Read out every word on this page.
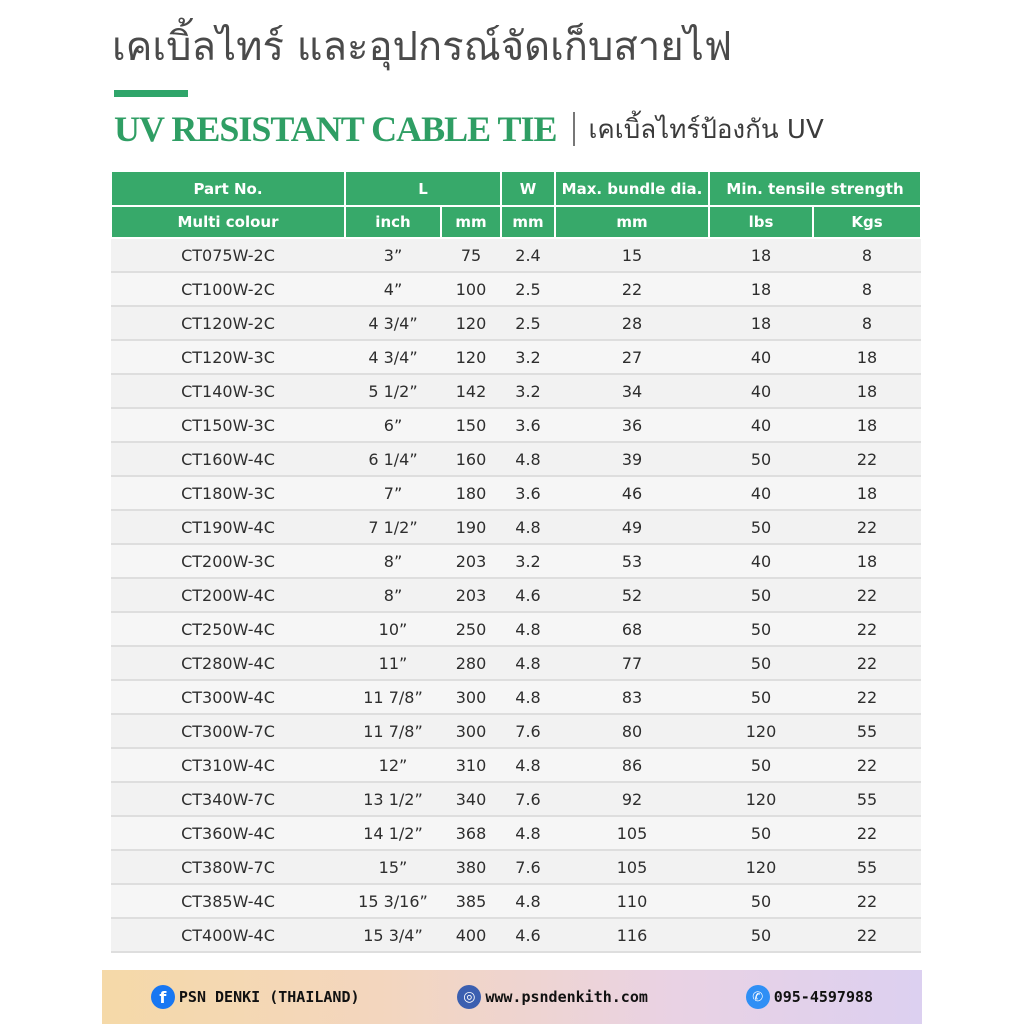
เคเบิ้ลไทร์ และอุปกรณ์จัดเก็บสายไฟ
UV RESISTANT CABLE TIE เคเบิ้ลไทร์ป้องกัน UV
Part No.	L		W	Max. bundle dia.	Min. tensile strength	
Multi colour	inch	mm	mm	mm	lbs	Kgs
CT075W-2C	3”	75	2.4	15	18	8
CT100W-2C	4”	100	2.5	22	18	8
CT120W-2C	4 3/4”	120	2.5	28	18	8
CT120W-3C	4 3/4”	120	3.2	27	40	18
CT140W-3C	5 1/2”	142	3.2	34	40	18
CT150W-3C	6”	150	3.6	36	40	18
CT160W-4C	6 1/4”	160	4.8	39	50	22
CT180W-3C	7”	180	3.6	46	40	18
CT190W-4C	7 1/2”	190	4.8	49	50	22
CT200W-3C	8”	203	3.2	53	40	18
CT200W-4C	8”	203	4.6	52	50	22
CT250W-4C	10”	250	4.8	68	50	22
CT280W-4C	11”	280	4.8	77	50	22
CT300W-4C	11 7/8”	300	4.8	83	50	22
CT300W-7C	11 7/8”	300	7.6	80	120	55
CT310W-4C	12”	310	4.8	86	50	22
CT340W-7C	13 1/2”	340	7.6	92	120	55
CT360W-4C	14 1/2”	368	4.8	105	50	22
CT380W-7C	15”	380	7.6	105	120	55
CT385W-4C	15 3/16”	385	4.8	110	50	22
CT400W-4C	15 3/4”	400	4.6	116	50	22
f PSN DENKI (THAILAND)	◎ www.psndenkith.com	✆ 095-4597988
